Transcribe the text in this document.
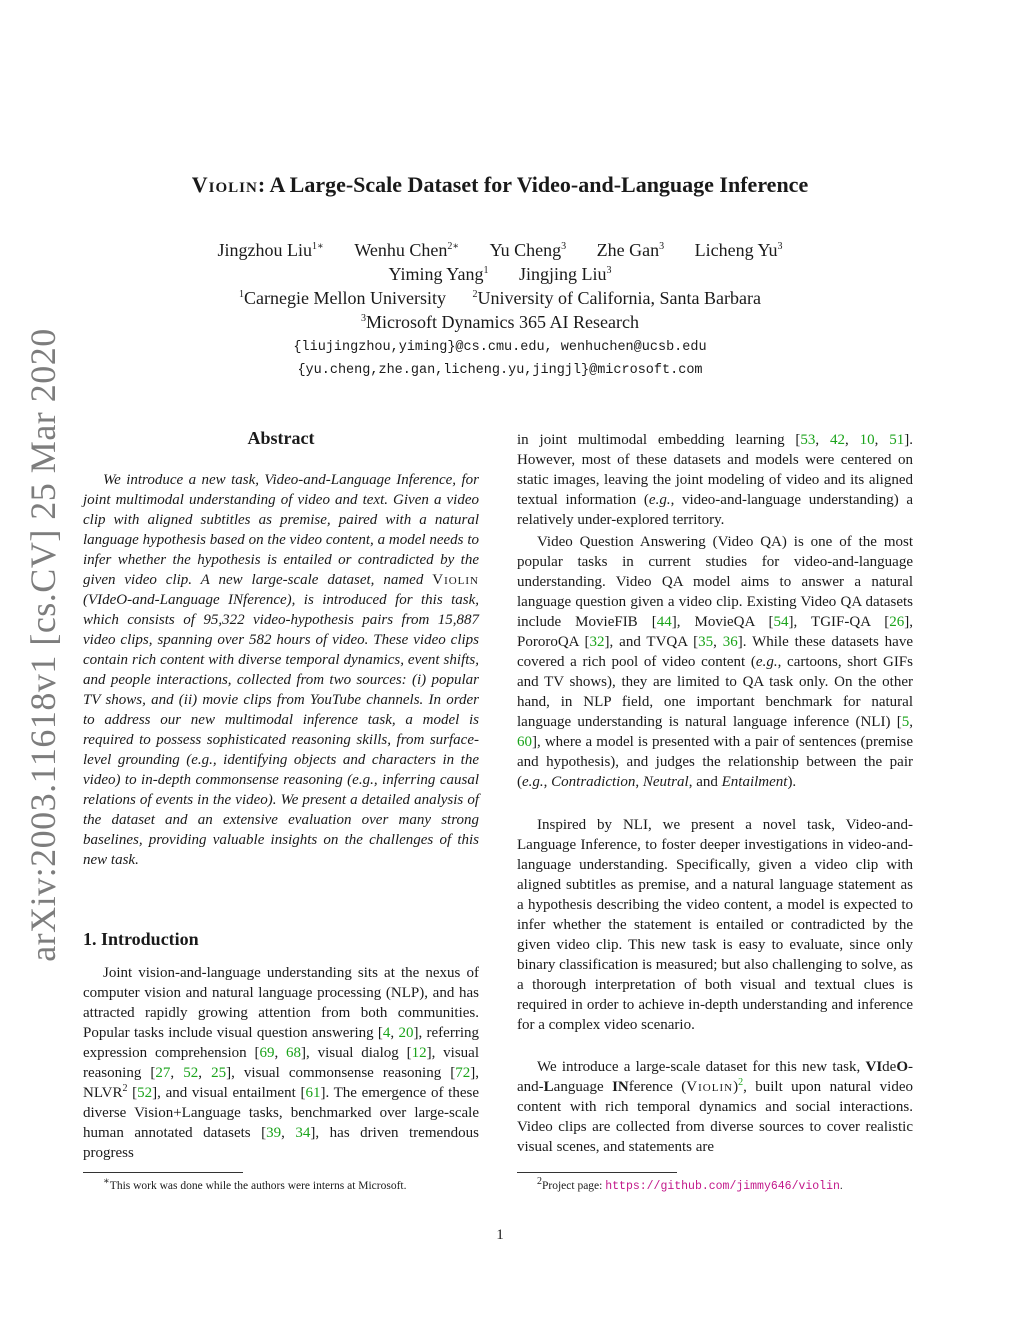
arXiv:2003.11618v1 [cs.CV] 25 Mar 2020
Violin: A Large-Scale Dataset for Video-and-Language Inference
Jingzhou Liu$^{1∗}$ Wenhu Chen$^{2∗}$ Yu Cheng$^3$ Zhe Gan$^3$ Licheng Yu$^3$
Yiming Yang$^1$ Jingjing Liu$^3$
$^1$Carnegie Mellon University	$^2$University of California, Santa Barbara
$^3$Microsoft Dynamics 365 AI Research
{liujingzhou,yiming}@cs.cmu.edu, wenhuchen@ucsb.edu
{yu.cheng,zhe.gan,licheng.yu,jingjl}@microsoft.com
Abstract

We introduce a new task, Video-and-Language Inference, for joint multimodal understanding of video and text. Given a video clip with aligned subtitles as premise, paired with a natural language hypothesis based on the video content, a model needs to infer whether the hypothesis is entailed or contradicted by the given video clip. A new large-scale dataset, named Violin (VIdeO-and-Language INference), is introduced for this task, which consists of 95,322 video-hypothesis pairs from 15,887 video clips, spanning over 582 hours of video. These video clips contain rich content with diverse temporal dynamics, event shifts, and people interactions, collected from two sources: (i) popular TV shows, and (ii) movie clips from YouTube channels. In order to address our new multimodal inference task, a model is required to possess sophisticated reasoning skills, from surface-level grounding (e.g., identifying objects and characters in the video) to in-depth commonsense reasoning (e.g., inferring causal relations of events in the video). We present a detailed analysis of the dataset and an extensive evaluation over many strong baselines, providing valuable insights on the challenges of this new task.

1. Introduction

Joint vision-and-language understanding sits at the nexus of computer vision and natural language processing (NLP), and has attracted rapidly growing attention from both communities. Popular tasks include visual question answering [4, 20], referring expression comprehension [69, 68], visual dialog [12], visual reasoning [27, 52, 25], visual commonsense reasoning [72], NLVR$^2$ [52], and visual entailment [61]. The emergence of these diverse Vision+Language tasks, benchmarked over large-scale human annotated datasets [39, 34], has driven tremendous progress

∗This work was done while the authors were interns at Microsoft.

in joint multimodal embedding learning [53, 42, 10, 51]. However, most of these datasets and models were centered on static images, leaving the joint modeling of video and its aligned textual information (e.g., video-and-language understanding) a relatively under-explored territory.

Video Question Answering (Video QA) is one of the most popular tasks in current studies for video-and-language understanding. Video QA model aims to answer a natural language question given a video clip. Existing Video QA datasets include MovieFIB [44], MovieQA [54], TGIF-QA [26], PororoQA [32], and TVQA [35, 36]. While these datasets have covered a rich pool of video content (e.g., cartoons, short GIFs and TV shows), they are limited to QA task only. On the other hand, in NLP field, one important benchmark for natural language understanding is natural language inference (NLI) [5, 60], where a model is presented with a pair of sentences (premise and hypothesis), and judges the relationship between the pair (e.g., Contradiction, Neutral, and Entailment).

Inspired by NLI, we present a novel task, Video-and-Language Inference, to foster deeper investigations in video-and-language understanding. Specifically, given a video clip with aligned subtitles as premise, and a natural language statement as a hypothesis describing the video content, a model is expected to infer whether the statement is entailed or contradicted by the given video clip. This new task is easy to evaluate, since only binary classification is measured; but also challenging to solve, as a thorough interpretation of both visual and textual clues is required in order to achieve in-depth understanding and inference for a complex video scenario.

We introduce a large-scale dataset for this new task, VIdeO-and-Language INference (Violin)$^2$, built upon natural video content with rich temporal dynamics and social interactions. Video clips are collected from diverse sources to cover realistic visual scenes, and statements are

$^2$Project page: https://github.com/jimmy646/violin.
1
